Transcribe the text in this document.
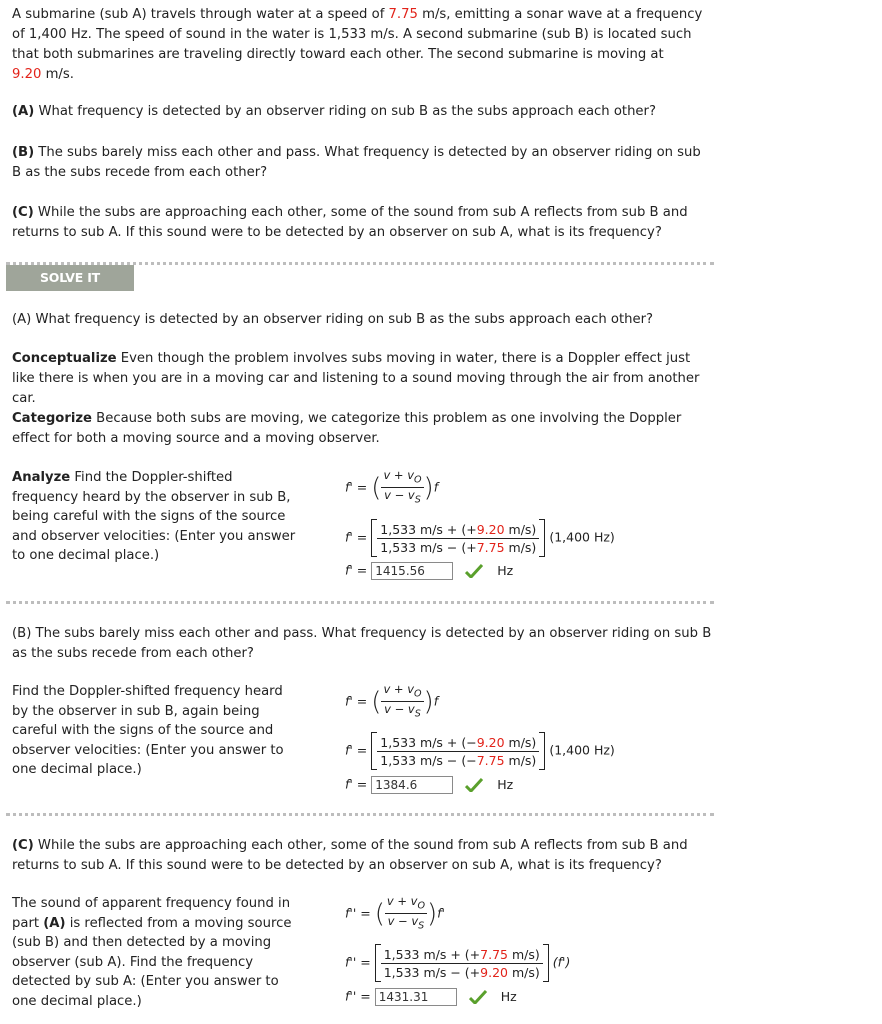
A submarine (sub A) travels through water at a speed of 7.75 m/s, emitting a sonar wave at a frequency of 1,400 Hz. The speed of sound in the water is 1,533 m/s. A second submarine (sub B) is located such that both submarines are traveling directly toward each other. The second submarine is moving at
9.20 m/s.
(A) What frequency is detected by an observer riding on sub B as the subs approach each other?
(B) The subs barely miss each other and pass. What frequency is detected by an observer riding on sub B as the subs recede from each other?
(C) While the subs are approaching each other, some of the sound from sub A reflects from sub B and returns to sub A. If this sound were to be detected by an observer on sub A, what is its frequency?
SOLVE IT
(A) What frequency is detected by an observer riding on sub B as the subs approach each other?
Conceptualize Even though the problem involves subs moving in water, there is a Doppler effect just like there is when you are in a moving car and listening to a sound moving through the air from another car.
Categorize Because both subs are moving, we categorize this problem as one involving the Doppler effect for both a moving source and a moving observer.
Analyze Find the Doppler-shifted frequency heard by the observer in sub B, being careful with the signs of the source and observer velocities: (Enter you answer to one decimal place.)
f' = ( $\frac{v + v_O}{v - v_S} )f$
$f' = \frac{1,533 m/s + (+9.20 m/s)}{1,533 m/s - (+7.75 m/s)} (1,400$ Hz)
f' = 1415.56	Hz
(B) The subs barely miss each other and pass. What frequency is detected by an observer riding on sub B as the subs recede from each other?
Find the Doppler-shifted frequency heard by the observer in sub B, again being careful with the signs of the source and observer velocities: (Enter you answer to one decimal place.)
f' = ( $\frac{v + v_O}{v - v_S} )f$
$f' = \frac{1,533 m/s + (-9.20 m/s)}{1,533 m/s - (-7.75 m/s)} (1,400$ Hz)
f' = 1384.6	Hz
(C) While the subs are approaching each other, some of the sound from sub A reflects from sub B and returns to sub A. If this sound were to be detected by an observer on sub A, what is its frequency?
The sound of apparent frequency found in part (A) is reflected from a moving source (sub B) and then detected by a moving observer (sub A). Find the frequency detected by sub A: (Enter you answer to one decimal place.)
f'' = ( $\frac{v + v_O}{v - v_S} )f'$
$f'' = \frac{1,533 m/s + (+7.75 m/s)}{1,533 m/s - (+9.20 m/s)} (f')$
f'' = 1431.31	Hz
